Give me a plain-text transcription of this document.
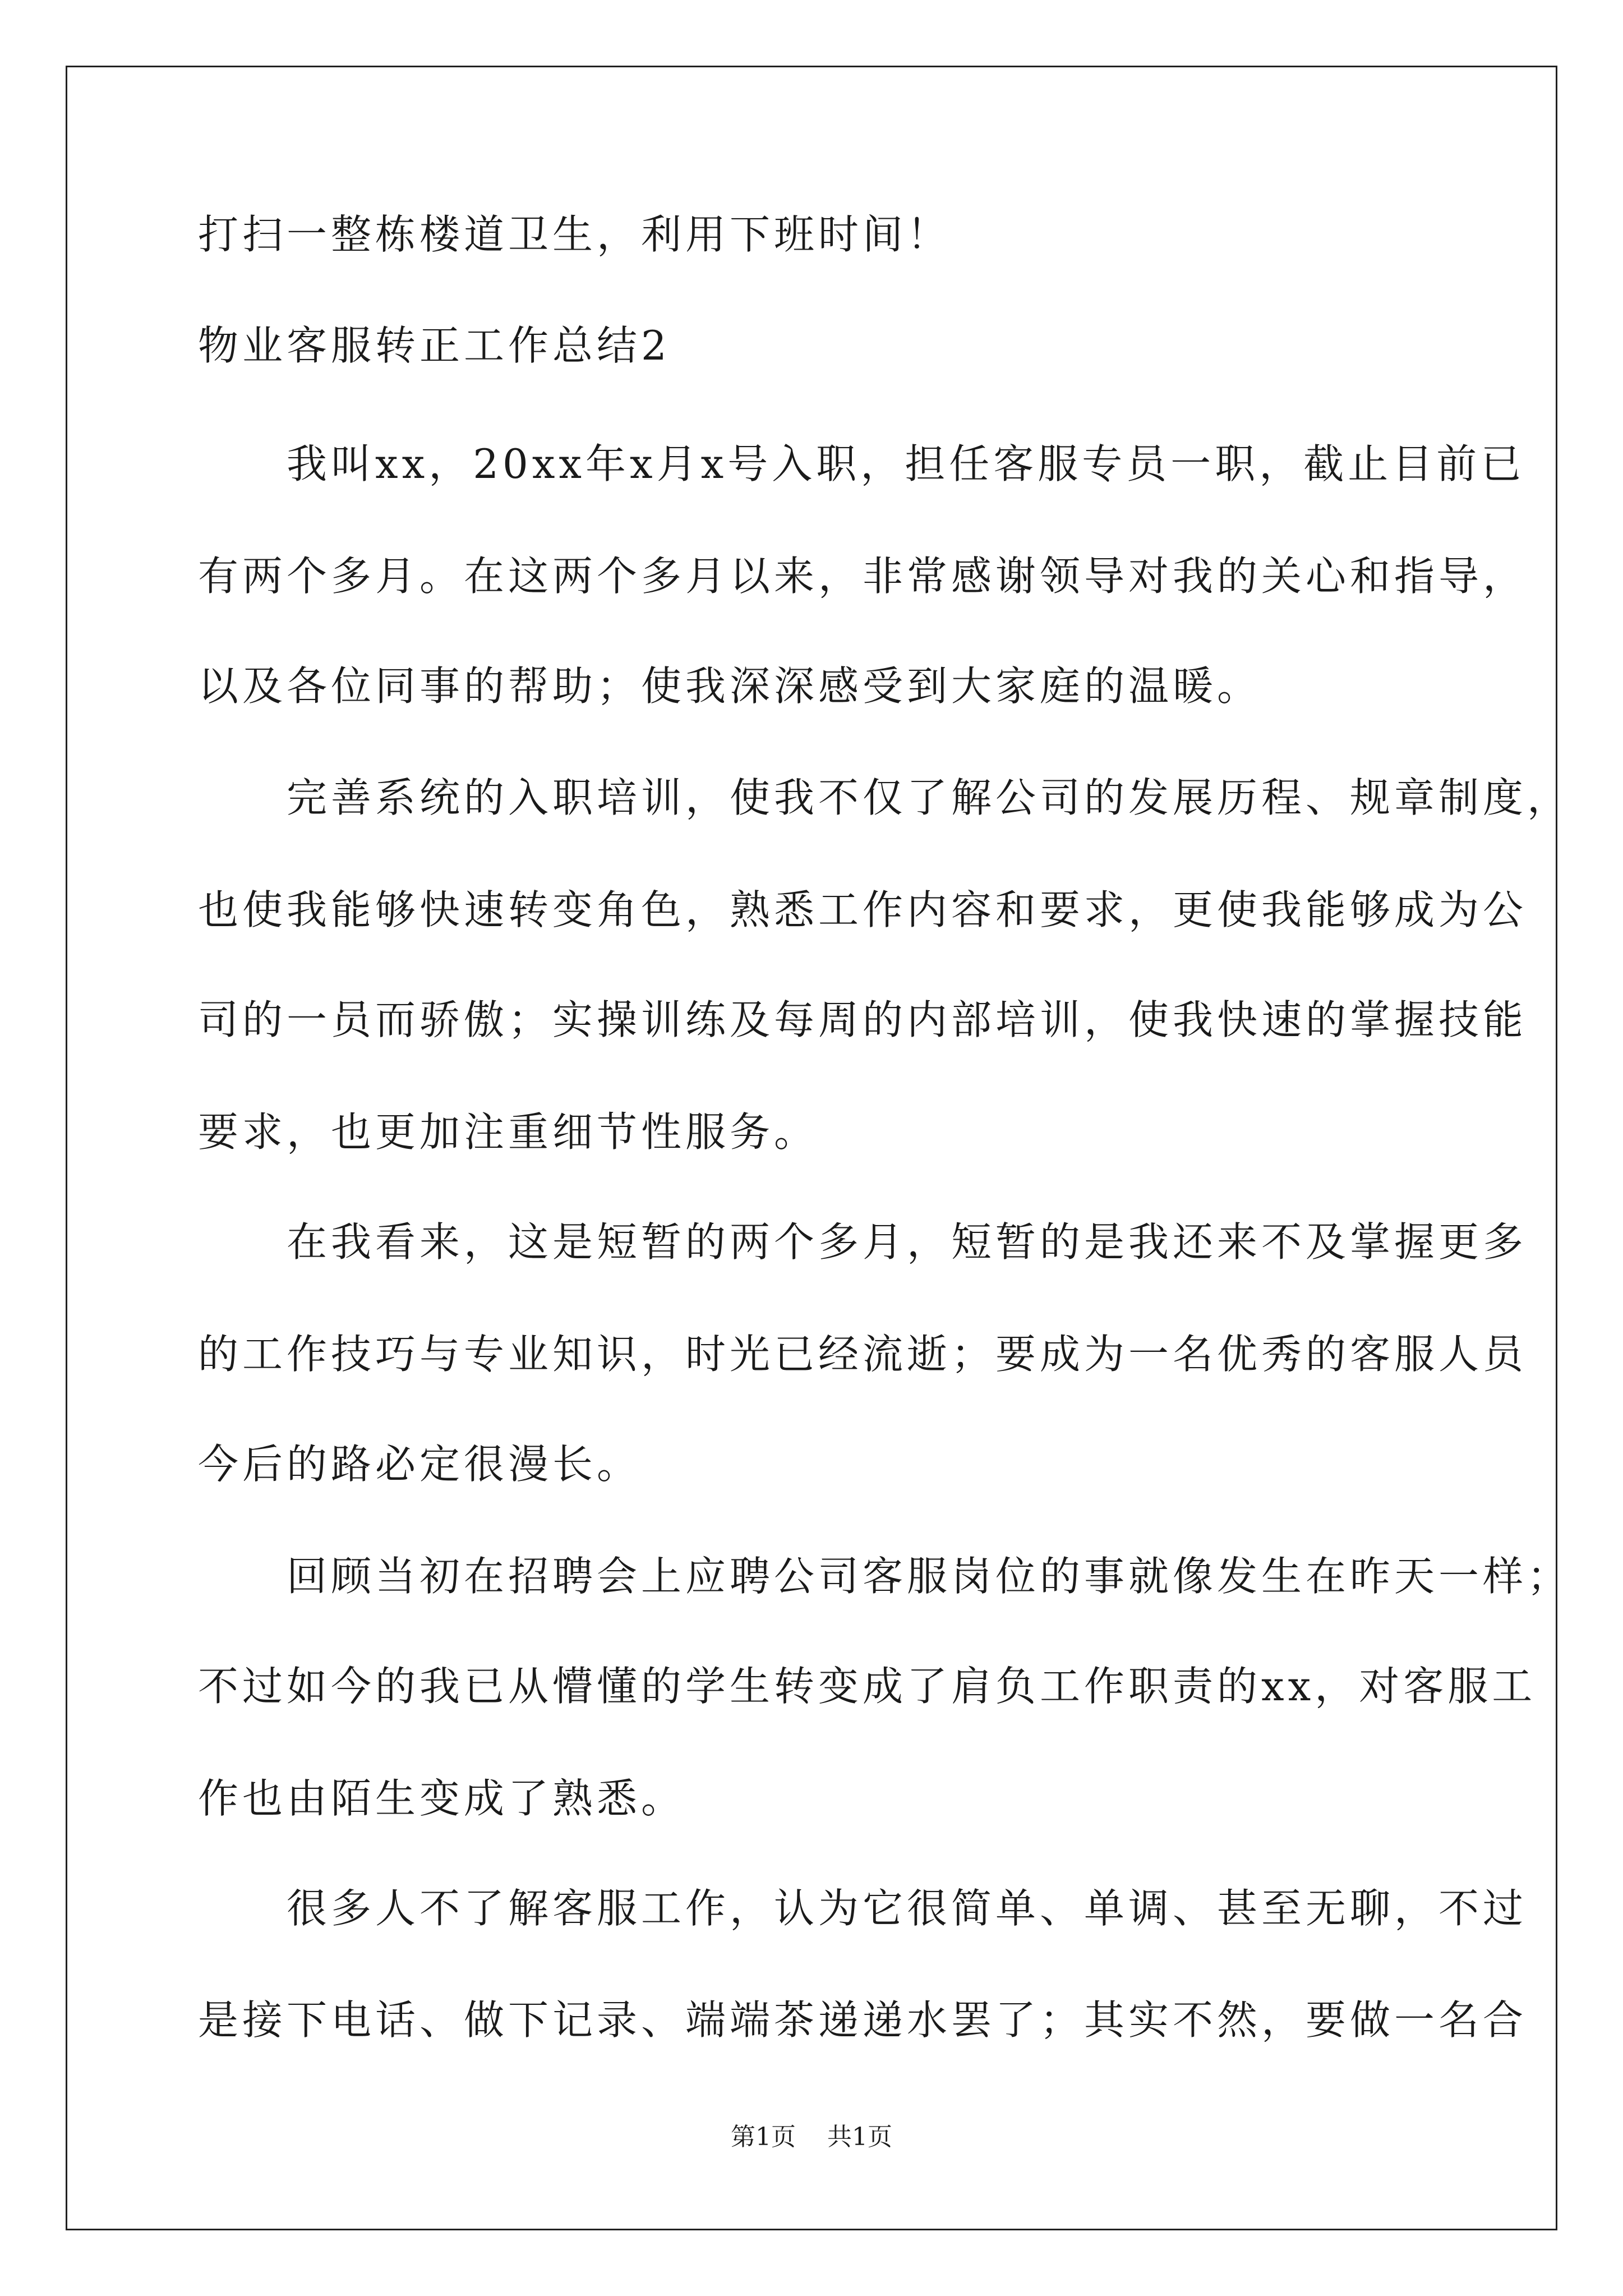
打扫一整栋楼道卫生，利用下班时间！
物业客服转正工作总结2
　　我叫xx，20xx年x月x号入职，担任客服专员一职，截止目前已
有两个多月。在这两个多月以来，非常感谢领导对我的关心和指导，
以及各位同事的帮助；使我深深感受到大家庭的温暖。
　　完善系统的入职培训，使我不仅了解公司的发展历程、规章制度，
也使我能够快速转变角色，熟悉工作内容和要求，更使我能够成为公
司的一员而骄傲；实操训练及每周的内部培训，使我快速的掌握技能
要求，也更加注重细节性服务。
　　在我看来，这是短暂的两个多月，短暂的是我还来不及掌握更多
的工作技巧与专业知识，时光已经流逝；要成为一名优秀的客服人员
今后的路必定很漫长。
　　回顾当初在招聘会上应聘公司客服岗位的事就像发生在昨天一样；
不过如今的我已从懵懂的学生转变成了肩负工作职责的xx，对客服工
作也由陌生变成了熟悉。
　　很多人不了解客服工作，认为它很简单、单调、甚至无聊，不过
是接下电话、做下记录、端端茶递递水罢了；其实不然，要做一名合
第1页 共1页
